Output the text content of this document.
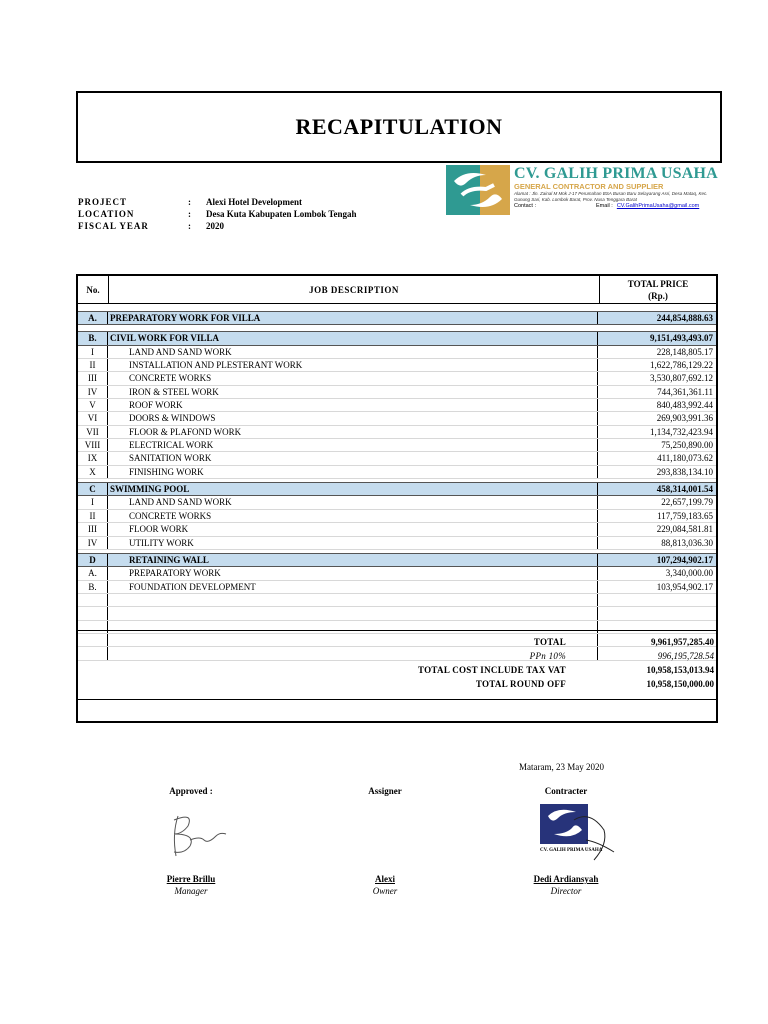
RECAPITULATION
PROJECT	:	Alexi Hotel Development
LOCATION	:	Desa Kuta Kabupaten Lombok Tengah
FISCAL YEAR	:	2020
CV. GALIH PRIMA USAHA
GENERAL CONTRACTOR AND SUPPLIER
Alamat : Jln. Zainal M Mok J-17 Perumahan BSA Busan Baru Selayarang Asri, Desa Mataq, Kec. Gunung Sari, Kab. Lombok Barat, Prov. Nusa Tenggara Barat
Contact :	Email : CV.GalihPrimaUsaha@gmail.com
No.	JOB DESCRIPTION
TOTAL PRICE
(Rp.)
A.	PREPARATORY WORK FOR VILLA	244,854,888.63
B.	CIVIL WORK FOR VILLA	9,151,493,493.07
I	LAND AND SAND WORK	228,148,805.17
II	INSTALLATION AND PLESTERANT WORK	1,622,786,129.22
III	CONCRETE WORKS	3,530,807,692.12
IV	IRON & STEEL WORK	744,361,361.11
V	ROOF WORK	840,483,992.44
VI	DOORS & WINDOWS	269,903,991.36
VII	FLOOR & PLAFOND WORK	1,134,732,423.94
VIII	ELECTRICAL WORK	75,250,890.00
IX	SANITATION WORK	411,180,073.62
X	FINISHING WORK	293,838,134.10
C	SWIMMING POOL	458,314,001.54
I	LAND AND SAND WORK	22,657,199.79
II	CONCRETE WORKS	117,759,183.65
III	FLOOR WORK	229,084,581.81
IV	UTILITY WORK	88,813,036.30
D	RETAINING WALL	107,294,902.17
A.	PREPARATORY WORK	3,340,000.00
B.	FOUNDATION DEVELOPMENT	103,954,902.17
TOTAL	9,961,957,285.40
PPn 10%	996,195,728.54
TOTAL COST INCLUDE TAX VAT	10,958,153,013.94
TOTAL ROUND OFF	10,958,150,000.00
Mataram, 23 May 2020
Approved :	Assigner	Contracter
CV. GALIH PRIMA USAHA
Pierre Brillu	Alexi	Dedi Ardiansyah
Manager	Owner	Director
